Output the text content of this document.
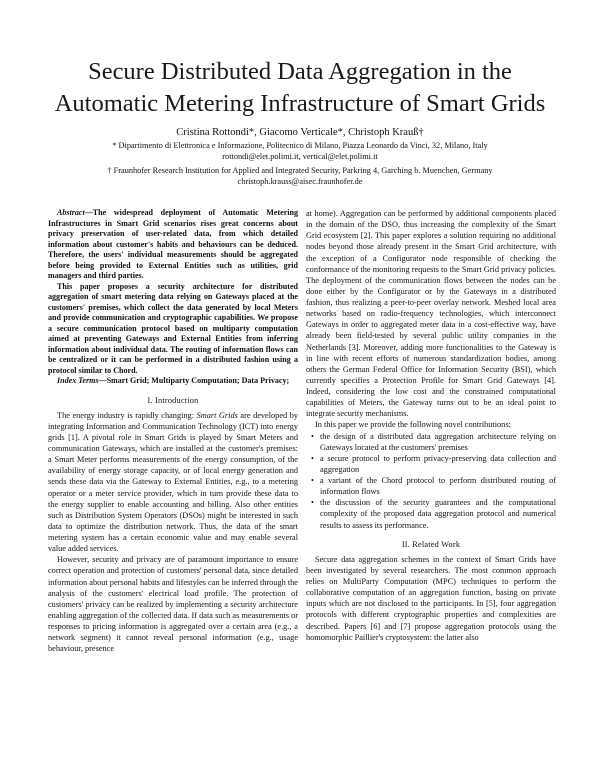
Secure Distributed Data Aggregation in the Automatic Metering Infrastructure of Smart Grids
Cristina Rottondi*, Giacomo Verticale*, Christoph Krauß†
* Dipartimento di Elettronica e Informazione, Politecnico di Milano, Piazza Leonardo da Vinci, 32, Milano, Italy
rottondi@elet.polimi.it, vertical@elet.polimi.it
† Fraunhofer Research Institution for Applied and Integrated Security, Parkring 4, Garching b. Muenchen, Germany
christoph.krauss@aisec.fraunhofer.de

Abstract—The widespread deployment of Automatic Metering Infrastructures in Smart Grid scenarios rises great concerns about privacy preservation of user-related data, from which detailed information about customer's habits and behaviours can be deduced. Therefore, the users' individual measurements should be aggregated before being provided to External Entities such as utilities, grid managers and third parties.

This paper proposes a security architecture for distributed aggregation of smart metering data relying on Gateways placed at the customers' premises, which collect the data generated by local Meters and provide communication and cryptographic capabilities. We propose a secure communication protocol based on multiparty computation aimed at preventing Gateways and External Entities from inferring information about individual data. The routing of information flows can be centralized or it can be performed in a distributed fashion using a protocol similar to Chord.

Index Terms—Smart Grid; Multiparty Computation; Data Privacy;

I. Introduction

The energy industry is rapidly changing: Smart Grids are developed by integrating Information and Communication Technology (ICT) into energy grids [1]. A pivotal role in Smart Grids is played by Smart Meters and communication Gateways, which are installed at the customer's premises: a Smart Meter performs measurements of the energy consumption, of the availability of energy storage capacity, or of local energy generation and sends these data via the Gateway to External Entities, e.g., to a metering operator or a meter service provider, which in turn provide these data to the energy supplier to enable accounting and billing. Also other entities such as Distribution System Operators (DSOs) might be interested in such data to optimize the distribution network. Thus, the data of the smart metering system has a certain economic value and may enable several value added services.

However, security and privacy are of paramount importance to ensure correct operation and protection of customers' personal data, since detailed information about personal habits and lifestyles can be inferred through the analysis of the customers' electrical load profile. The protection of customers' privacy can be realized by implementing a security architecture enabling aggregation of the collected data. If data such as measurements or responses to pricing information is aggregated over a certain area (e.g., a network segment) it cannot reveal personal information (e.g., usage behaviour, presence

at home). Aggregation can be performed by additional components placed in the domain of the DSO, thus increasing the complexity of the Smart Grid ecosystem [2]. This paper explores a solution requiring no additional nodes beyond those already present in the Smart Grid architecture, with the exception of a Configurator node responsible of checking the conformance of the monitoring requests to the Smart Grid privacy policies. The deployment of the communication flows between the nodes can be done either by the Configurator or by the Gateways in a distributed fashion, thus realizing a peer-to-peer overlay network. Meshed local area networks based on radio-frequency technologies, which interconnect Gateways in order to aggregated meter data in a cost-effective way, have already been field-tested by several public utility companies in the Netherlands [3]. Moreover, adding more functionalities to the Gateway is in line with recent efforts of numerous standardization bodies, among others the German Federal Office for Information Security (BSI), which currently specifies a Protection Profile for Smart Grid Gateways [4]. Indeed, considering the low cost and the constrained computational capabilities of Meters, the Gateway turns out to be an ideal point to integrate security mechanisms.

In this paper we provide the following novel contributions:

• the design of a distributed data aggregation architecture relying on Gateways located at the customers' premises
• a secure protocol to perform privacy-preserving data collection and aggregation
• a variant of the Chord protocol to perform distributed routing of information flows
• the discussion of the security guarantees and the computational complexity of the proposed data aggregation protocol and numerical results to assess its performance.
II. Related Work

Secure data aggregation schemes in the context of Smart Grids have been investigated by several researchers. The most common approach relies on MultiParty Computation (MPC) techniques to perform the collaborative computation of an aggregation function, basing on private inputs which are not disclosed to the participants. In [5], four aggregation protocols with different cryptographic properties and complexities are described. Papers [6] and [7] propose aggregation protocols using the homomorphic Paillier's cryptosystem: the latter also
